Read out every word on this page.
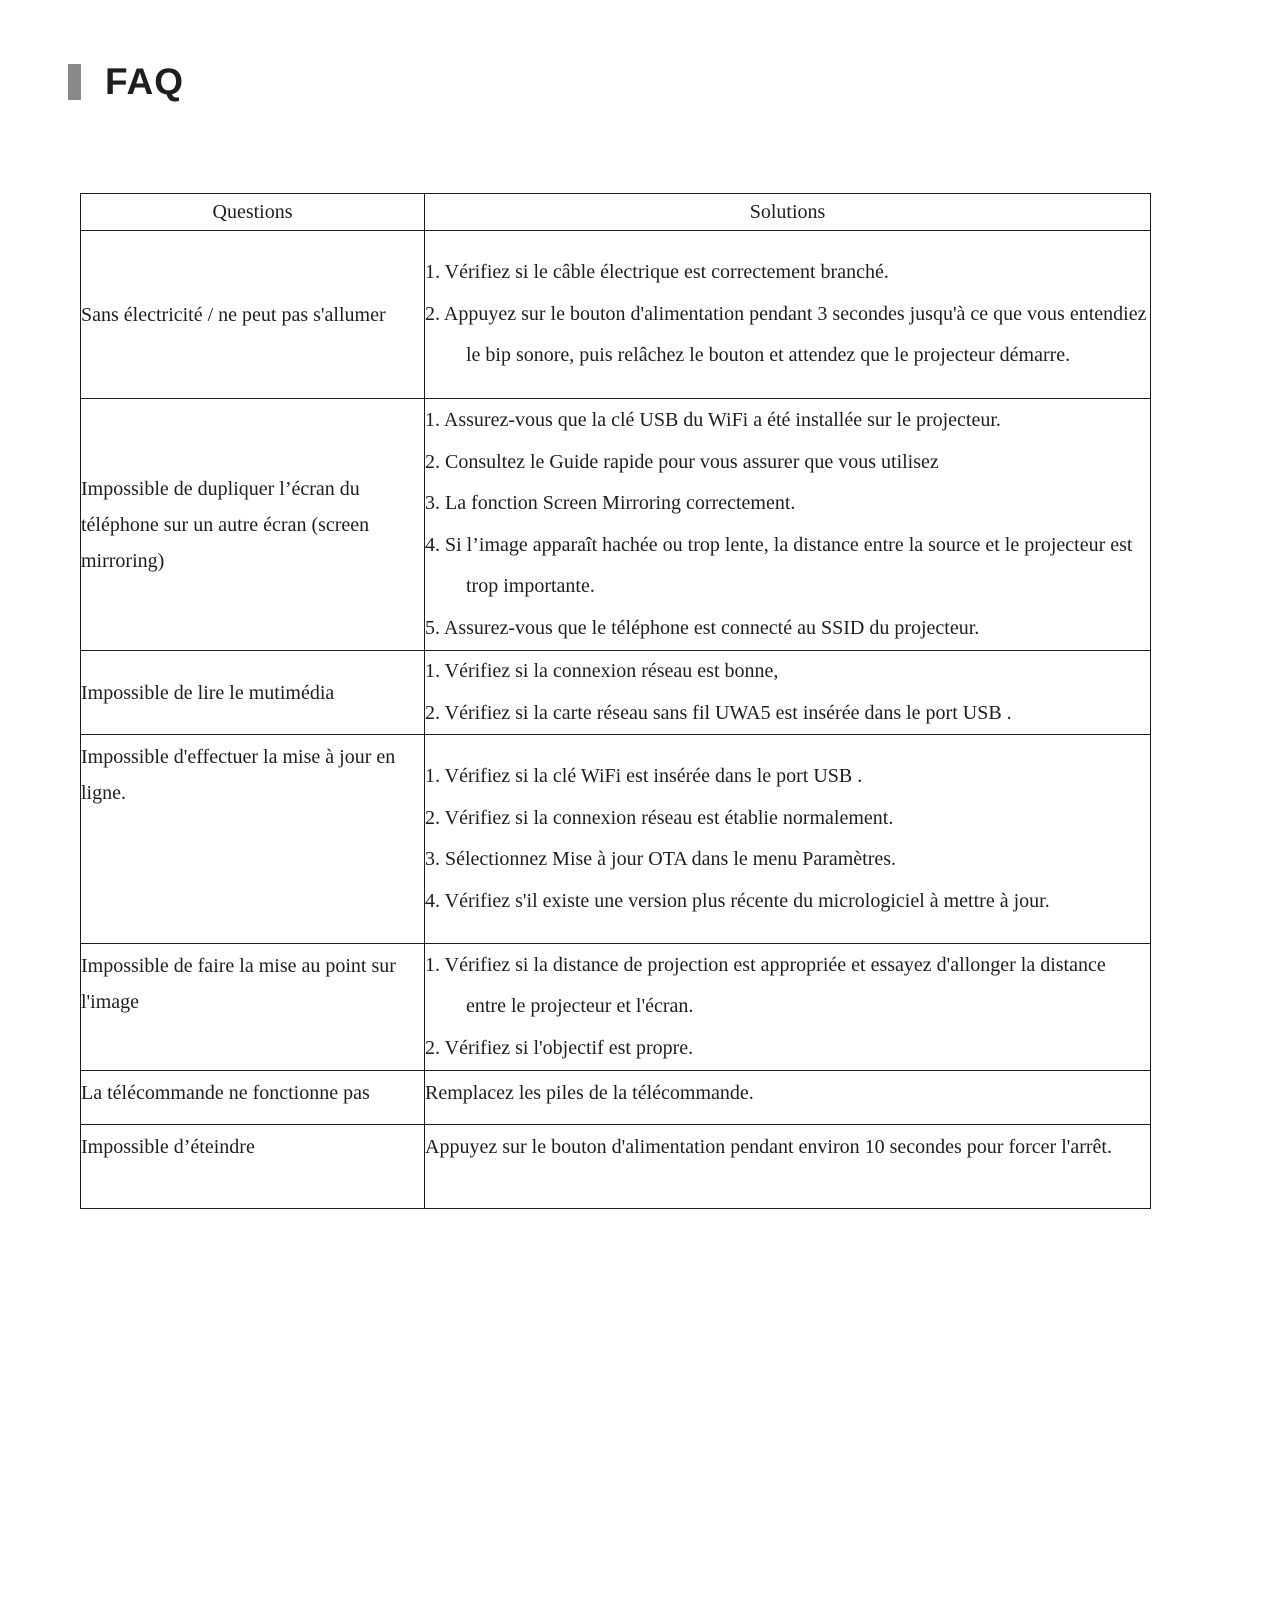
FAQ
Questions	Solutions
Sans électricité / ne peut pas s'allumer	1. Vérifiez si le câble électrique est correctement branché.
2. Appuyez sur le bouton d'alimentation pendant 3 secondes jusqu'à ce que vous entendiez le bip sonore, puis relâchez le bouton et attendez que le projecteur démarre.

Impossible de dupliquer l’écran du téléphone sur un autre écran (screen mirroring)	1. Assurez-vous que la clé USB du WiFi a été installée sur le projecteur.
2. Consultez le Guide rapide pour vous assurer que vous utilisez
3. La fonction Screen Mirroring correctement.
4. Si l’image apparaît hachée ou trop lente, la distance entre la source et le projecteur est trop importante.
5. Assurez-vous que le téléphone est connecté au SSID du projecteur.

Impossible de lire le mutimédia	1. Vérifiez si la connexion réseau est bonne,
2. Vérifiez si la carte réseau sans fil UWA5 est insérée dans le port USB .

Impossible d'effectuer la mise à jour en ligne.	1. Vérifiez si la clé WiFi est insérée dans le port USB .
2. Vérifiez si la connexion réseau est établie normalement.
3. Sélectionnez Mise à jour OTA dans le menu Paramètres.
4. Vérifiez s'il existe une version plus récente du micrologiciel à mettre à jour.

Impossible de faire la mise au point sur l'image	1. Vérifiez si la distance de projection est appropriée et essayez d'allonger la distance entre le projecteur et l'écran.
2. Vérifiez si l'objectif est propre.

La télécommande ne fonctionne pas	Remplacez les piles de la télécommande.

Impossible d’éteindre	Appuyez sur le bouton d'alimentation pendant environ 10 secondes pour forcer l'arrêt.
